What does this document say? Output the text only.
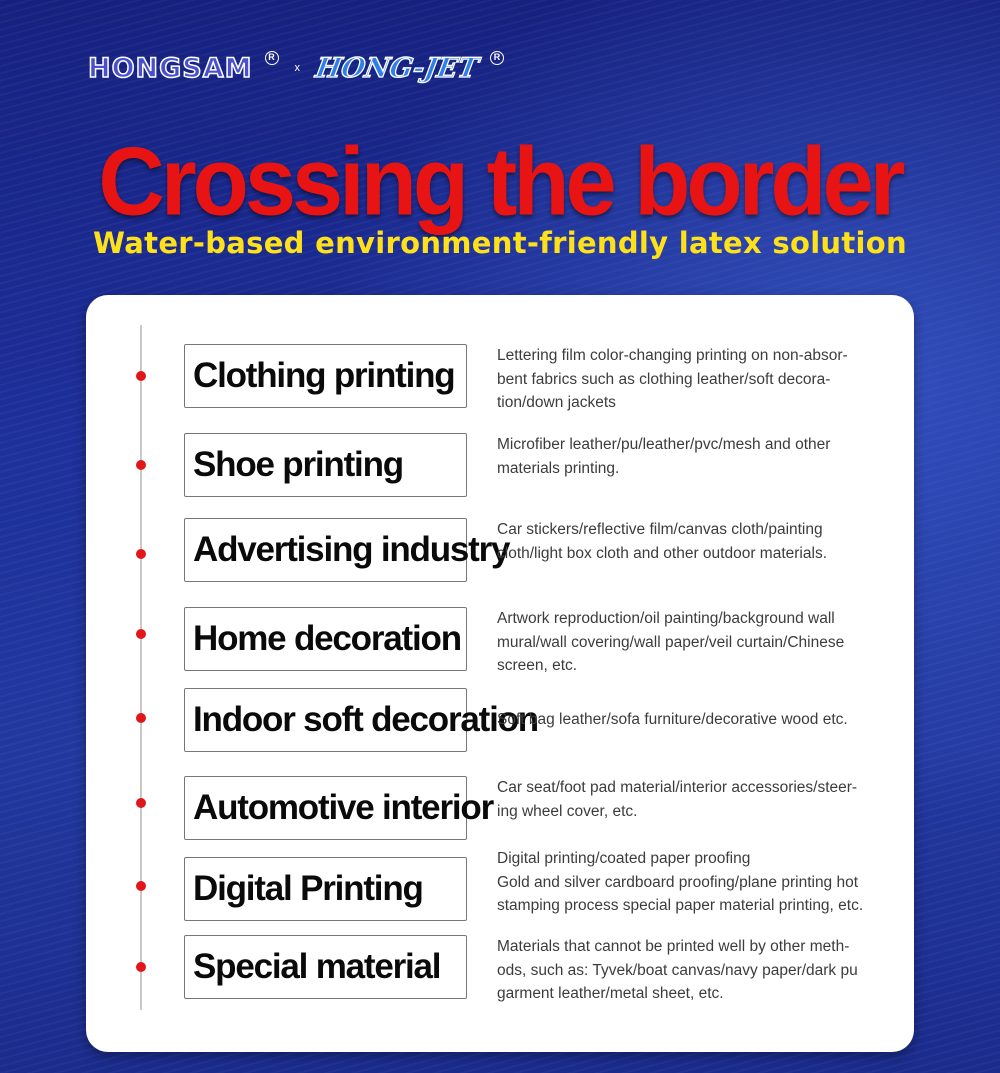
HONGSAM	R
x HONG-JET	R
Crossing the border
Water-based environment-friendly latex solution
Clothing printing
Lettering film color-changing printing on non-absor-
bent fabrics such as clothing leather/soft decora-
tion/down jackets
Shoe printing
Microfiber leather/pu/leather/pvc/mesh and other
materials printing.
Advertising industry
Car stickers/reflective film/canvas cloth/painting
cloth/light box cloth and other outdoor materials.
Home decoration
Artwork reproduction/oil painting/background wall
mural/wall covering/wall paper/veil curtain/Chinese
screen, etc.
Indoor soft decoration
Soft bag leather/sofa furniture/decorative wood etc.
Automotive interior
Car seat/foot pad material/interior accessories/steer-
ing wheel cover, etc.
Digital Printing
Digital printing/coated paper proofing
Gold and silver cardboard proofing/plane printing hot
stamping process special paper material printing, etc.
Special material
Materials that cannot be printed well by other meth-
ods, such as: Tyvek/boat canvas/navy paper/dark pu
garment leather/metal sheet, etc.
